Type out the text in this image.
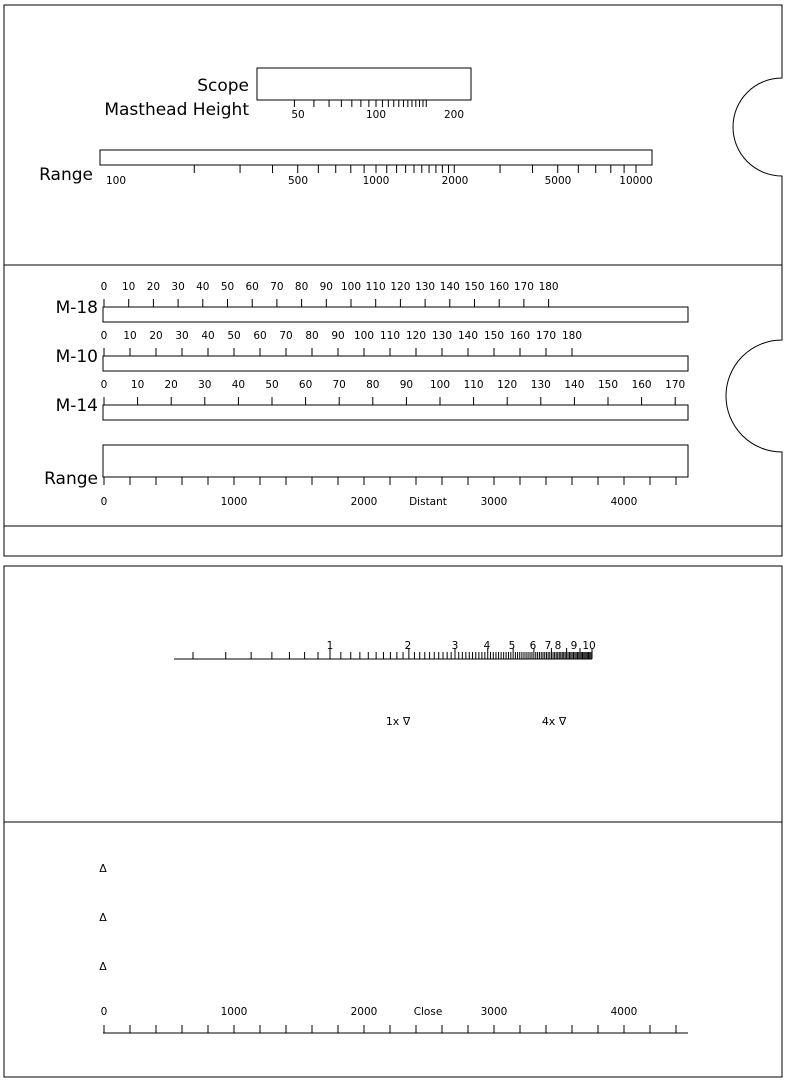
Scope
Masthead Height	50	100	200
Range 100	500	1000	2000	5000	10000
M-18
0 10 20 30 40 50 60 70 80 90 100 110 120 130 140 150 160 170 180
M-10
0 10 20 30 40 50 60 70 80 90 100 110 120 130 140 150 160 170 180
M-14
0 10 20 30 40 50 60 70 80 90 100 110 120 130 140 150 160 170
Range
0	1000	2000	3000	4000
Distant
1	2	3 4 5 6 7 8 9 10
1x ∇	4x ∇
Δ
Δ
Δ
0	1000	2000	3000	4000
Close
